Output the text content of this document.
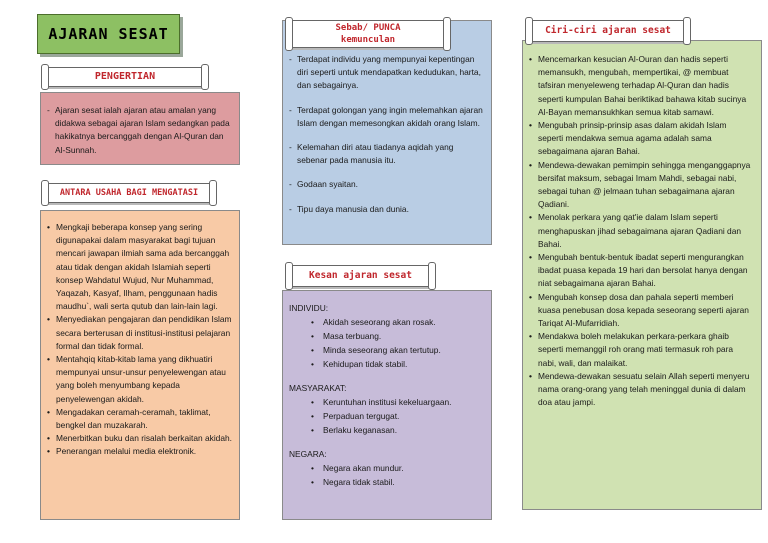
AJARAN SESAT
PENGERTIAN
- Ajaran sesat ialah ajaran atau amalan yang didakwa sebagai ajaran Islam sedangkan pada hakikatnya bercanggah dengan Al-Quran dan Al-Sunnah.
ANTARA USAHA BAGI MENGATASI
• Mengkaji beberapa konsep yang sering digunapakai dalam masyarakat bagi tujuan mencari jawapan ilmiah sama ada bercanggah atau tidak dengan akidah Islamiah seperti konsep Wahdatul Wujud, Nur Muhammad, Yaqazah, Kasyaf, Ilham, penggunaan hadis maudhu`, wali serta qutub dan lain-lain lagi.
• Menyediakan pengajaran dan pendidikan Islam secara berterusan di institusi-institusi pelajaran formal dan tidak formal.
• Mentahqiq kitab-kitab lama yang dikhuatiri mempunyai unsur-unsur penyelewengan atau yang boleh menyumbang kepada penyelewengan akidah.
• Mengadakan ceramah-ceramah, taklimat, bengkel dan muzakarah.
• Menerbitkan buku dan risalah berkaitan akidah.
• Penerangan melalui media elektronik.
- Terdapat individu yang mempunyai kepentingan diri seperti untuk mendapatkan kedudukan, harta, dan sebagainya.
- Terdapat golongan yang ingin melemahkan ajaran Islam dengan memesongkan akidah orang Islam.
- Kelemahan diri atau tiadanya aqidah yang sebenar pada manusia itu.
- Godaan syaitan.
- Tipu daya manusia dan dunia.
Sebab/ PUNCA
kemunculan
INDIVIDU:
• Akidah seseorang akan rosak.
• Masa terbuang.
• Minda seseorang akan tertutup.
• Kehidupan tidak stabil.
MASYARAKAT:
• Keruntuhan institusi kekeluargaan.
• Perpaduan tergugat.
• Berlaku keganasan.
NEGARA:
• Negara akan mundur.
• Negara tidak stabil.
Kesan ajaran sesat
• Mencemarkan kesucian Al-Ouran dan hadis seperti memansukh, mengubah, mempertikai, @ membuat tafsiran menyeleweng terhadap Al-Quran dan hadis seperti kumpulan Bahai beriktikad bahawa kitab sucinya Al-Bayan memansukhkan semua kitab samawi.
• Mengubah prinsip-prinsip asas dalam akidah Islam seperti mendakwa semua agama adalah sama sebagaimana ajaran Bahai.
• Mendewa-dewakan pemimpin sehingga menganggapnya bersifat maksum, sebagai Imam Mahdi, sebagai nabi, sebagai tuhan @ jelmaan tuhan sebagaimana ajaran Qadiani.
• Menolak perkara yang qat'ie dalam Islam seperti menghapuskan jihad sebagaimana ajaran Qadiani dan Bahai.
• Mengubah bentuk-bentuk ibadat seperti mengurangkan ibadat puasa kepada 19 hari dan bersolat hanya dengan niat sebagaimana ajaran Bahai.
• Mengubah konsep dosa dan pahala seperti memberi kuasa penebusan dosa kepada seseorang seperti ajaran Tariqat Al-Mufarridiah.
• Mendakwa boleh melakukan perkara-perkara ghaib seperti memanggil roh orang mati termasuk roh para nabi, wali, dan malaikat.
• Mendewa-dewakan sesuatu selain Allah seperti menyeru nama orang-orang yang telah meninggal dunia di dalam doa atau jampi.
Ciri-ciri ajaran sesat
